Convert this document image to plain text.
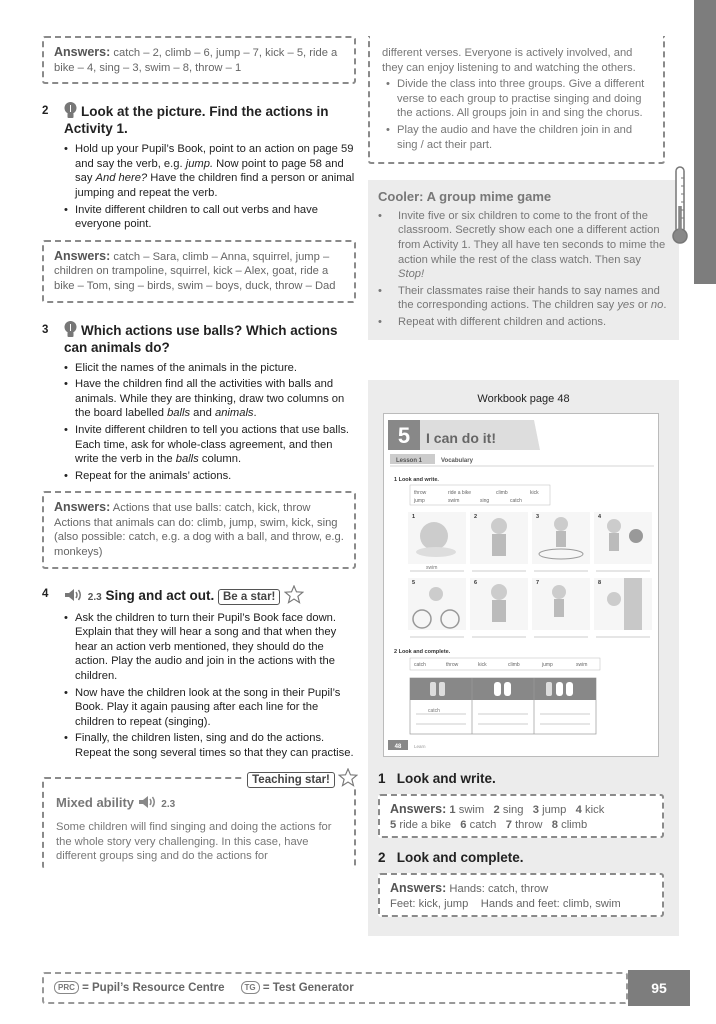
Answers: catch – 2, climb – 6, jump – 7, kick – 5, ride a bike – 4, sing – 3, swim – 8, throw – 1
2	Look at the picture. Find the actions in Activity 1.
• Hold up your Pupil’s Book, point to an action on page 59 and say the verb, e.g. jump. Now point to page 58 and say And here? Have the children find a person or animal jumping and repeat the verb.
• Invite different children to call out verbs and have everyone point.
Answers: catch – Sara, climb – Anna, squirrel, jump – children on trampoline, squirrel, kick – Alex, goat, ride a bike – Tom, sing – birds, swim – boys, duck, throw – Dad
3	Which actions use balls? Which actions can animals do?
• Elicit the names of the animals in the picture.
• Have the children find all the activities with balls and animals. While they are thinking, draw two columns on the board labelled balls and animals.
• Invite different children to tell you actions that use balls. Each time, ask for whole-class agreement, and then write the verb in the balls column.
• Repeat for the animals’ actions.
Answers: Actions that use balls: catch, kick, throw Actions that animals can do: climb, jump, swim, kick, sing (also possible: catch, e.g. a dog with a ball, and throw, e.g. monkeys)
4	2.3 Sing and act out. Be a star!
• Ask the children to turn their Pupil’s Book face down. Explain that they will hear a song and that when they hear an action verb mentioned, they should do the action. Play the audio and join in the actions with the children.
• Now have the children look at the song in their Pupil’s Book. Play it again pausing after each line for the children to repeat (singing).
• Finally, the children listen, sing and do the actions. Repeat the song several times so that they can practise.
Teaching star!
Mixed ability	2.3
Some children will find singing and doing the actions for the whole story very challenging. In this case, have different groups sing and do the actions for
different verses. Everyone is actively involved, and they can enjoy listening to and watching the others.
• Divide the class into three groups. Give a different verse to each group to practise singing and doing the actions. All groups join in and sing the chorus.
• Play the audio and have the children join in and sing / act their part.
Cooler: A group mime game
• Invite five or six children to come to the front of the classroom. Secretly show each one a different action from Activity 1. They all have ten seconds to mime the action while the rest of the class watch. Then say Stop!
• Their classmates raise their hands to say names and the corresponding actions. The children say yes or no.
• Repeat with different children and actions.
Workbook page 48
5 I can do it!
Lesson 1	Vocabulary
1 Look and write.
throw	ride a bike	climb	kick
jump	swim	sing	catch
1	2	3	4
5	6	7	8
swim
2 Look and complete.
catch	throw	kick	climb	jump	swim
catch
48	Learn
1 Look and write.
Answers: 1 swim 2 sing 3 jump 4 kick
5 ride a bike 6 catch 7 throw 8 climb
2 Look and complete.
Answers: Hands: catch, throw
Feet: kick, jump    Hands and feet: climb, swim
PRC = Pupil’s Resource Centre TG = Test Generator	95
